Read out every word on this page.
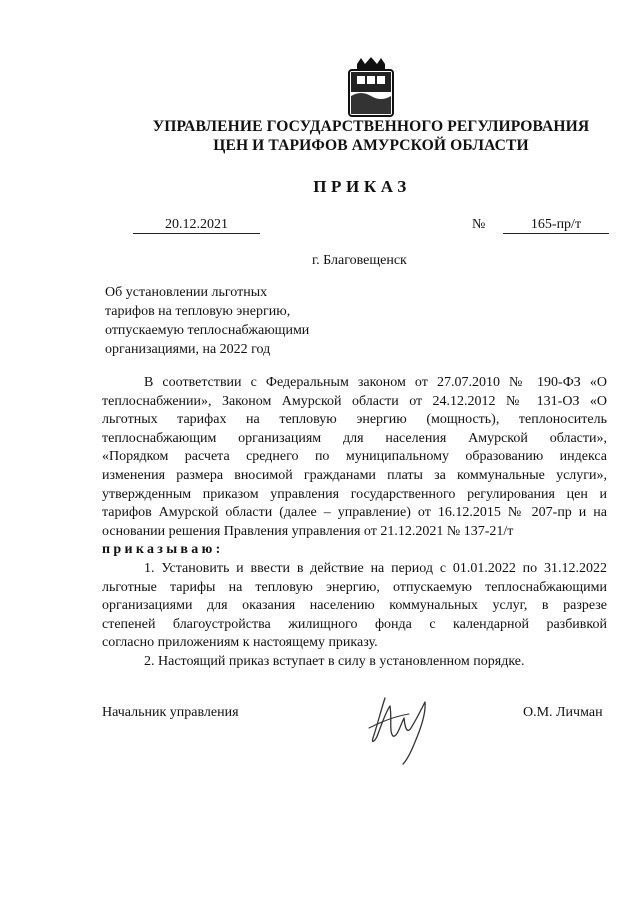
УПРАВЛЕНИЕ ГОСУДАРСТВЕННОГО РЕГУЛИРОВАНИЯ
ЦЕН И ТАРИФОВ АМУРСКОЙ ОБЛАСТИ
ПРИКАЗ
20.12.2021	№	165-пр/т
г. Благовещенск
Об установлении льготных
тарифов на тепловую энергию,
отпускаемую теплоснабжающими
организациями, на 2022 год
В соответствии с Федеральным законом от 27.07.2010 № 190-ФЗ «О
теплоснабжении», Законом Амурской области от 24.12.2012 № 131-ОЗ «О
льготных тарифах на тепловую энергию (мощность), теплоноситель
теплоснабжающим организациям для населения Амурской области»,
«Порядком расчета среднего по муниципальному образованию индекса
изменения размера вносимой гражданами платы за коммунальные услуги»,
утвержденным приказом управления государственного регулирования цен и
тарифов Амурской области (далее – управление) от 16.12.2015 № 207-пр и на
основании решения Правления управления от 21.12.2021 № 137-21/т
приказываю:
1. Установить и ввести в действие на период с 01.01.2022 по 31.12.2022
льготные тарифы на тепловую энергию, отпускаемую теплоснабжающими
организациями для оказания населению коммунальных услуг, в разрезе
степеней благоустройства жилищного фонда с календарной разбивкой
согласно приложениям к настоящему приказу.
2. Настоящий приказ вступает в силу в установленном порядке.
Начальник управления	О.М. Личман
